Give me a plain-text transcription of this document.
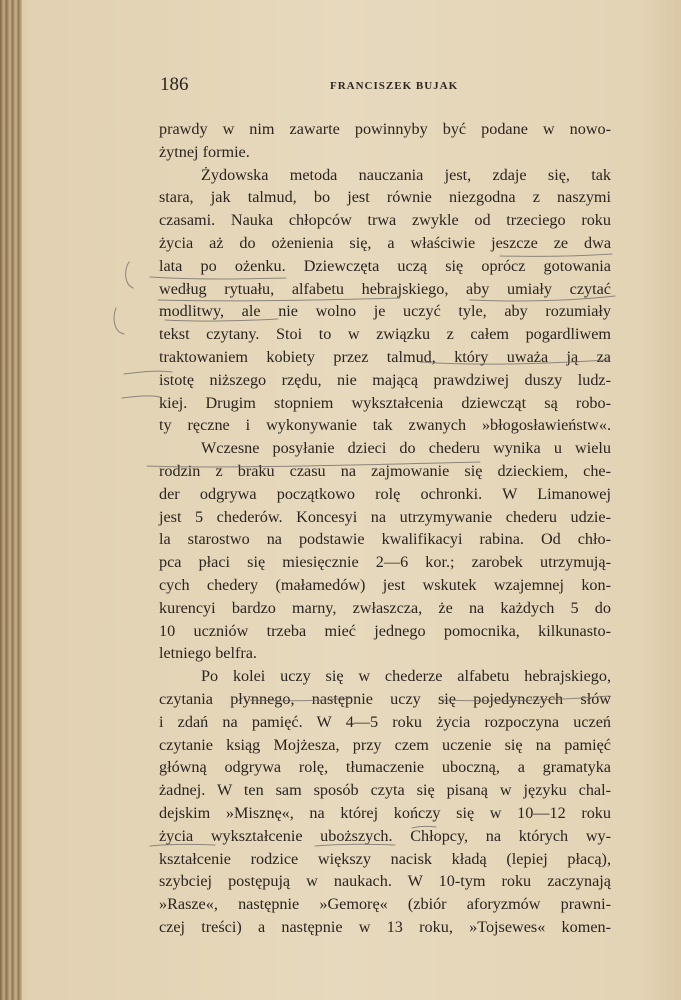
186	FRANCISZEK BUJAK
prawdy w nim zawarte powinnyby być podane w nowo-
żytnej formie.
Żydowska metoda nauczania jest, zdaje się, tak
stara, jak talmud, bo jest równie niezgodna z naszymi
czasami. Nauka chłopców trwa zwykle od trzeciego roku
życia aż do ożenienia się, a właściwie jeszcze ze dwa
lata po ożenku. Dziewczęta uczą się oprócz gotowania
według rytuału, alfabetu hebrajskiego, aby umiały czytać
modlitwy, ale nie wolno je uczyć tyle, aby rozumiały
tekst czytany. Stoi to w związku z całem pogardliwem
traktowaniem kobiety przez talmud, który uważa ją za
istotę niższego rzędu, nie mającą prawdziwej duszy ludz-
kiej. Drugim stopniem wykształcenia dziewcząt są robo-
ty ręczne i wykonywanie tak zwanych »błogosławieństw«.
Wczesne posyłanie dzieci do chederu wynika u wielu
rodzin z braku czasu na zajmowanie się dzieckiem, che-
der odgrywa początkowo rolę ochronki. W Limanowej
jest 5 chederów. Koncesyi na utrzymywanie chederu udzie-
la starostwo na podstawie kwalifikacyi rabina. Od chło-
pca płaci się miesięcznie 2—6 kor.; zarobek utrzymują-
cych chedery (małamedów) jest wskutek wzajemnej kon-
kurencyi bardzo marny, zwłaszcza, że na każdych 5 do
10 uczniów trzeba mieć jednego pomocnika, kilkunasto-
letniego belfra.
Po kolei uczy się w chederze alfabetu hebrajskiego,
czytania płynnego, następnie uczy się pojedynczych słów
i zdań na pamięć. W 4—5 roku życia rozpoczyna uczeń
czytanie ksiąg Mojżesza, przy czem uczenie się na pamięć
główną odgrywa rolę, tłumaczenie uboczną, a gramatyka
żadnej. W ten sam sposób czyta się pisaną w języku chal-
dejskim »Misznę«, na której kończy się w 10—12 roku
życia wykształcenie uboższych. Chłopcy, na których wy-
kształcenie rodzice większy nacisk kładą (lepiej płacą),
szybciej postępują w naukach. W 10-tym roku zaczynają
»Rasze«, następnie »Gemorę« (zbiór aforyzmów prawni-
czej treści) a następnie w 13 roku, »Tojsewes« komen-
